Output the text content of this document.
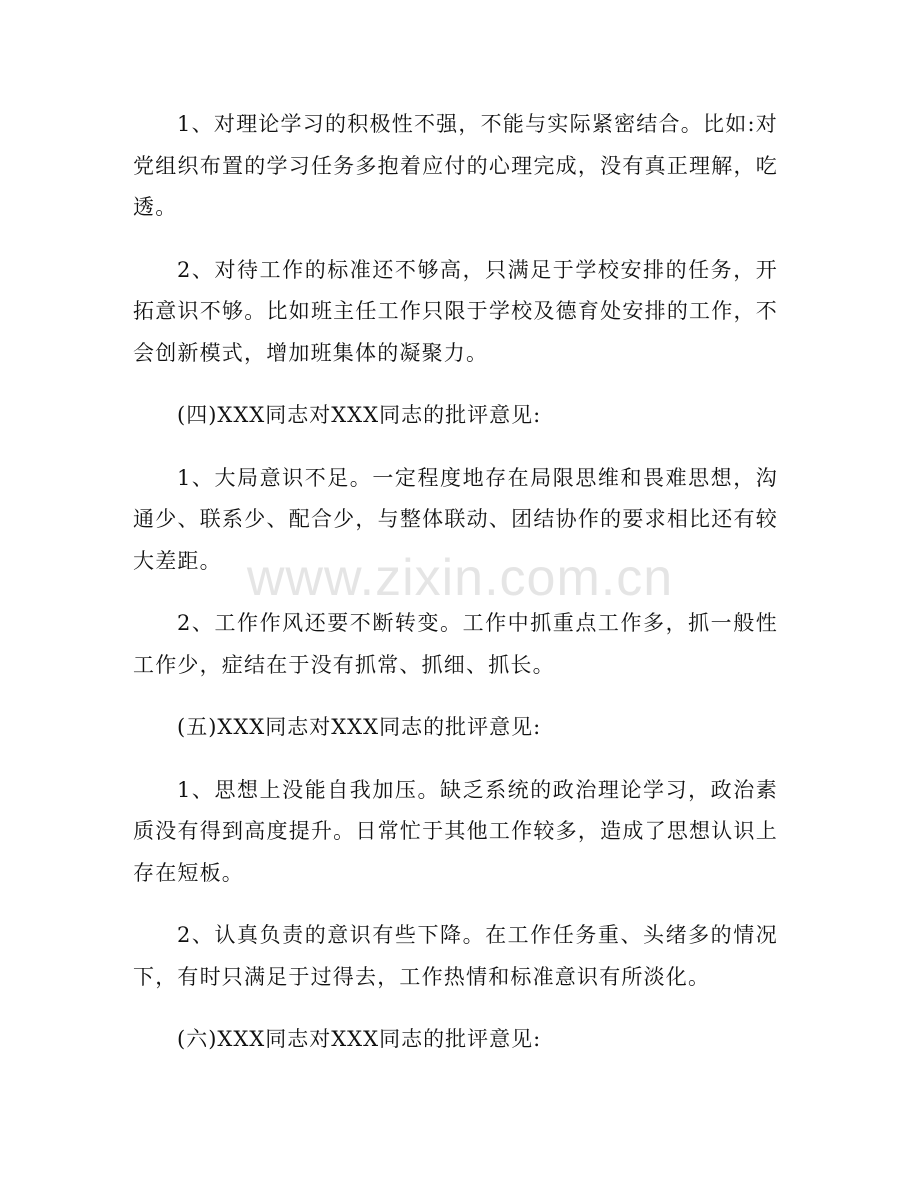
1、对理论学习的积极性不强，不能与实际紧密结合。比如:对党组织布置的学习任务多抱着应付的心理完成，没有真正理解，吃透。

2、对待工作的标准还不够高，只满足于学校安排的任务，开拓意识不够。比如班主任工作只限于学校及德育处安排的工作，不会创新模式，增加班集体的凝聚力。

(四)XXX同志对XXX同志的批评意见:

1、大局意识不足。一定程度地存在局限思维和畏难思想，沟通少、联系少、配合少，与整体联动、团结协作的要求相比还有较大差距。

2、工作作风还要不断转变。工作中抓重点工作多，抓一般性工作少，症结在于没有抓常、抓细、抓长。

(五)XXX同志对XXX同志的批评意见:

1、思想上没能自我加压。缺乏系统的政治理论学习，政治素质没有得到高度提升。日常忙于其他工作较多，造成了思想认识上存在短板。

2、认真负责的意识有些下降。在工作任务重、头绪多的情况下，有时只满足于过得去，工作热情和标准意识有所淡化。

(六)XXX同志对XXX同志的批评意见:

www.zixin.com.cn
